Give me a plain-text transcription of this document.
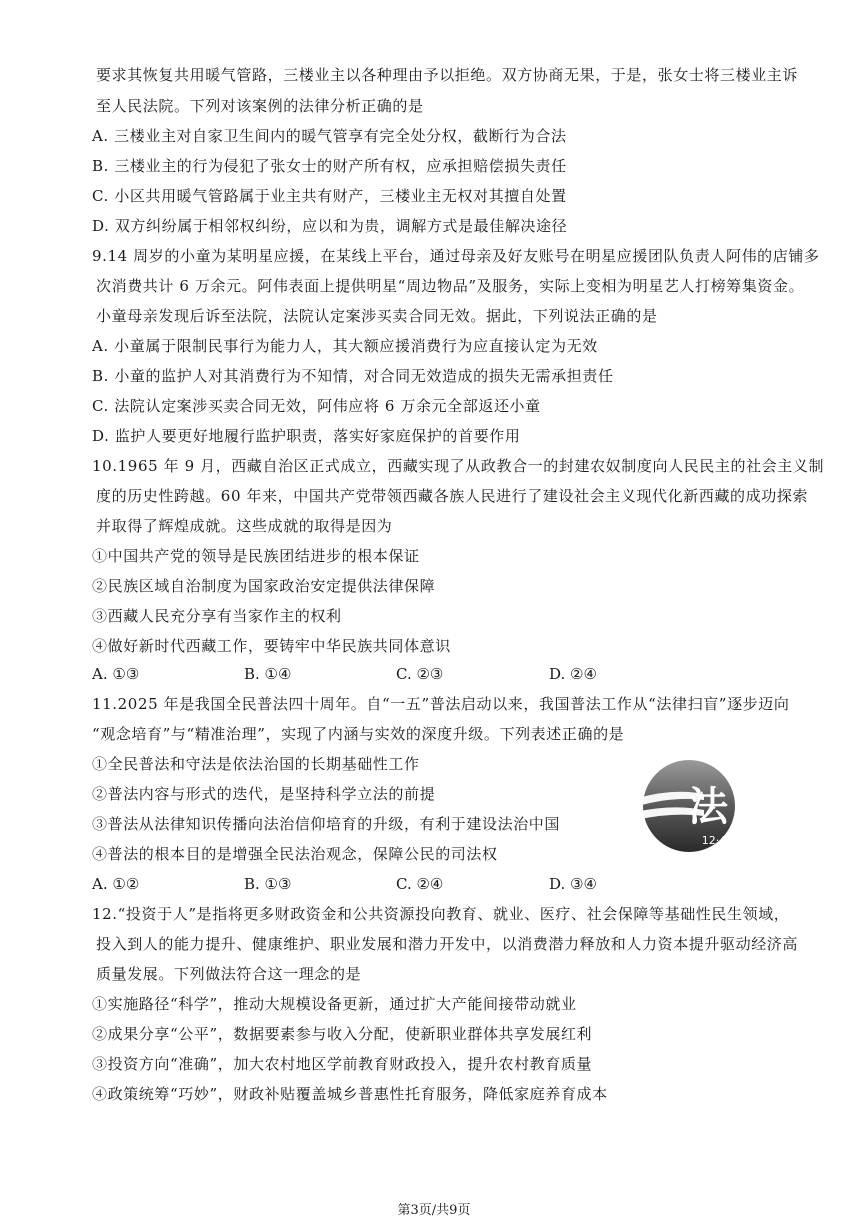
要求其恢复共用暖气管路，三楼业主以各种理由予以拒绝。双方协商无果，于是，张女士将三楼业主诉
至人民法院。下列对该案例的法律分析正确的是
A. 三楼业主对自家卫生间内的暖气管享有完全处分权，截断行为合法
B. 三楼业主的行为侵犯了张女士的财产所有权，应承担赔偿损失责任
C. 小区共用暖气管路属于业主共有财产，三楼业主无权对其擅自处置
D. 双方纠纷属于相邻权纠纷，应以和为贵，调解方式是最佳解决途径
9.14 周岁的小童为某明星应援，在某线上平台，通过母亲及好友账号在明星应援团队负责人阿伟的店铺多
次消费共计 6 万余元。阿伟表面上提供明星“周边物品”及服务，实际上变相为明星艺人打榜筹集资金。
小童母亲发现后诉至法院，法院认定案涉买卖合同无效。据此，下列说法正确的是
A. 小童属于限制民事行为能力人，其大额应援消费行为应直接认定为无效
B. 小童的监护人对其消费行为不知情，对合同无效造成的损失无需承担责任
C. 法院认定案涉买卖合同无效，阿伟应将 6 万余元全部返还小童
D. 监护人要更好地履行监护职责，落实好家庭保护的首要作用
10.1965 年 9 月，西藏自治区正式成立，西藏实现了从政教合一的封建农奴制度向人民民主的社会主义制
度的历史性跨越。60 年来，中国共产党带领西藏各族人民进行了建设社会主义现代化新西藏的成功探索
并取得了辉煌成就。这些成就的取得是因为
①中国共产党的领导是民族团结进步的根本保证
②民族区域自治制度为国家政治安定提供法律保障
③西藏人民充分享有当家作主的权利
④做好新时代西藏工作，要铸牢中华民族共同体意识
A. ①③	B. ①④	C. ②③	D. ②④
11.2025 年是我国全民普法四十周年。自“一五”普法启动以来，我国普法工作从“法律扫盲”逐步迈向
“观念培育”与“精准治理”，实现了内涵与实效的深度升级。下列表述正确的是
①全民普法和守法是依法治国的长期基础性工作
②普法内容与形式的迭代，是坚持科学立法的前提
③普法从法律知识传播向法治信仰培育的升级，有利于建设法治中国
④普法的根本目的是增强全民法治观念，保障公民的司法权
A. ①②	B. ①③	C. ②④	D. ③④
法
12·4
12.“投资于人”是指将更多财政资金和公共资源投向教育、就业、医疗、社会保障等基础性民生领域，
投入到人的能力提升、健康维护、职业发展和潜力开发中，以消费潜力释放和人力资本提升驱动经济高
质量发展。下列做法符合这一理念的是
①实施路径“科学”，推动大规模设备更新，通过扩大产能间接带动就业
②成果分享“公平”，数据要素参与收入分配，使新职业群体共享发展红利
③投资方向“准确”，加大农村地区学前教育财政投入，提升农村教育质量
④政策统筹“巧妙”，财政补贴覆盖城乡普惠性托育服务，降低家庭养育成本
第3页/共9页
